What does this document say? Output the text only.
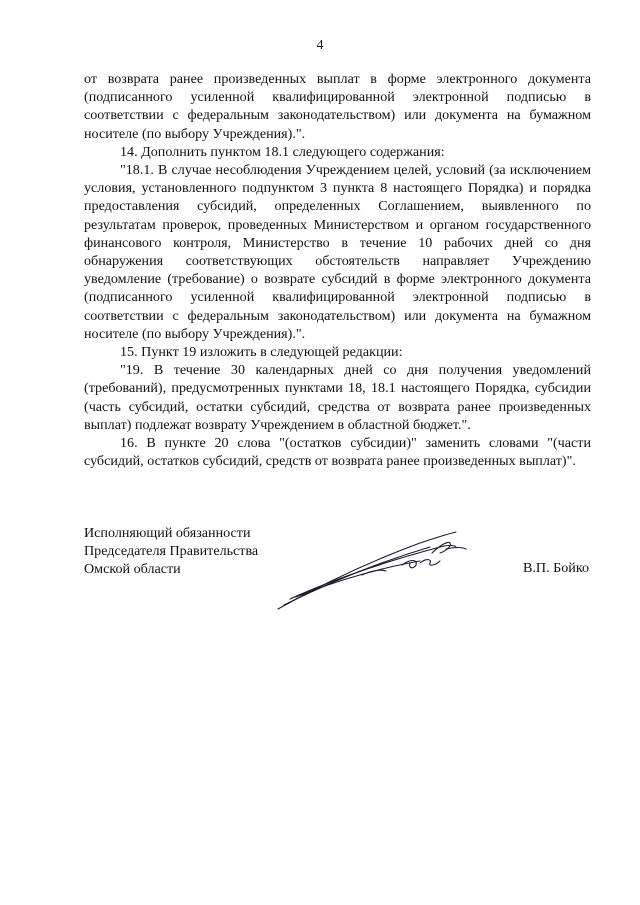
4

от возврата ранее произведенных выплат в форме электронного документа (подписанного усиленной квалифицированной электронной подписью в соответствии с федеральным законодательством) или документа на бумажном носителе (по выбору Учреждения).".

14. Дополнить пунктом 18.1 следующего содержания:

"18.1. В случае несоблюдения Учреждением целей, условий (за исключением условия, установленного подпунктом 3 пункта 8 настоящего Порядка) и порядка предоставления субсидий, определенных Соглашением, выявленного по результатам проверок, проведенных Министерством и органом государственного финансового контроля, Министерство в течение 10 рабочих дней со дня обнаружения соответствующих обстоятельств направляет Учреждению уведомление (требование) о возврате субсидий в форме электронного документа (подписанного усиленной квалифицированной электронной подписью в соответствии с федеральным законодательством) или документа на бумажном носителе (по выбору Учреждения).".

15. Пункт 19 изложить в следующей редакции:

"19. В течение 30 календарных дней со дня получения уведомлений (требований), предусмотренных пунктами 18, 18.1 настоящего Порядка, субсидии (часть субсидий, остатки субсидий, средства от возврата ранее произведенных выплат) подлежат возврату Учреждением в областной бюджет.".

16. В пункте 20 слова "(остатков субсидии)" заменить словами "(части субсидий, остатков субсидий, средств от возврата ранее произведенных выплат)".

Исполняющий обязанности
Председателя Правительства
Омской области	В.П. Бойко
